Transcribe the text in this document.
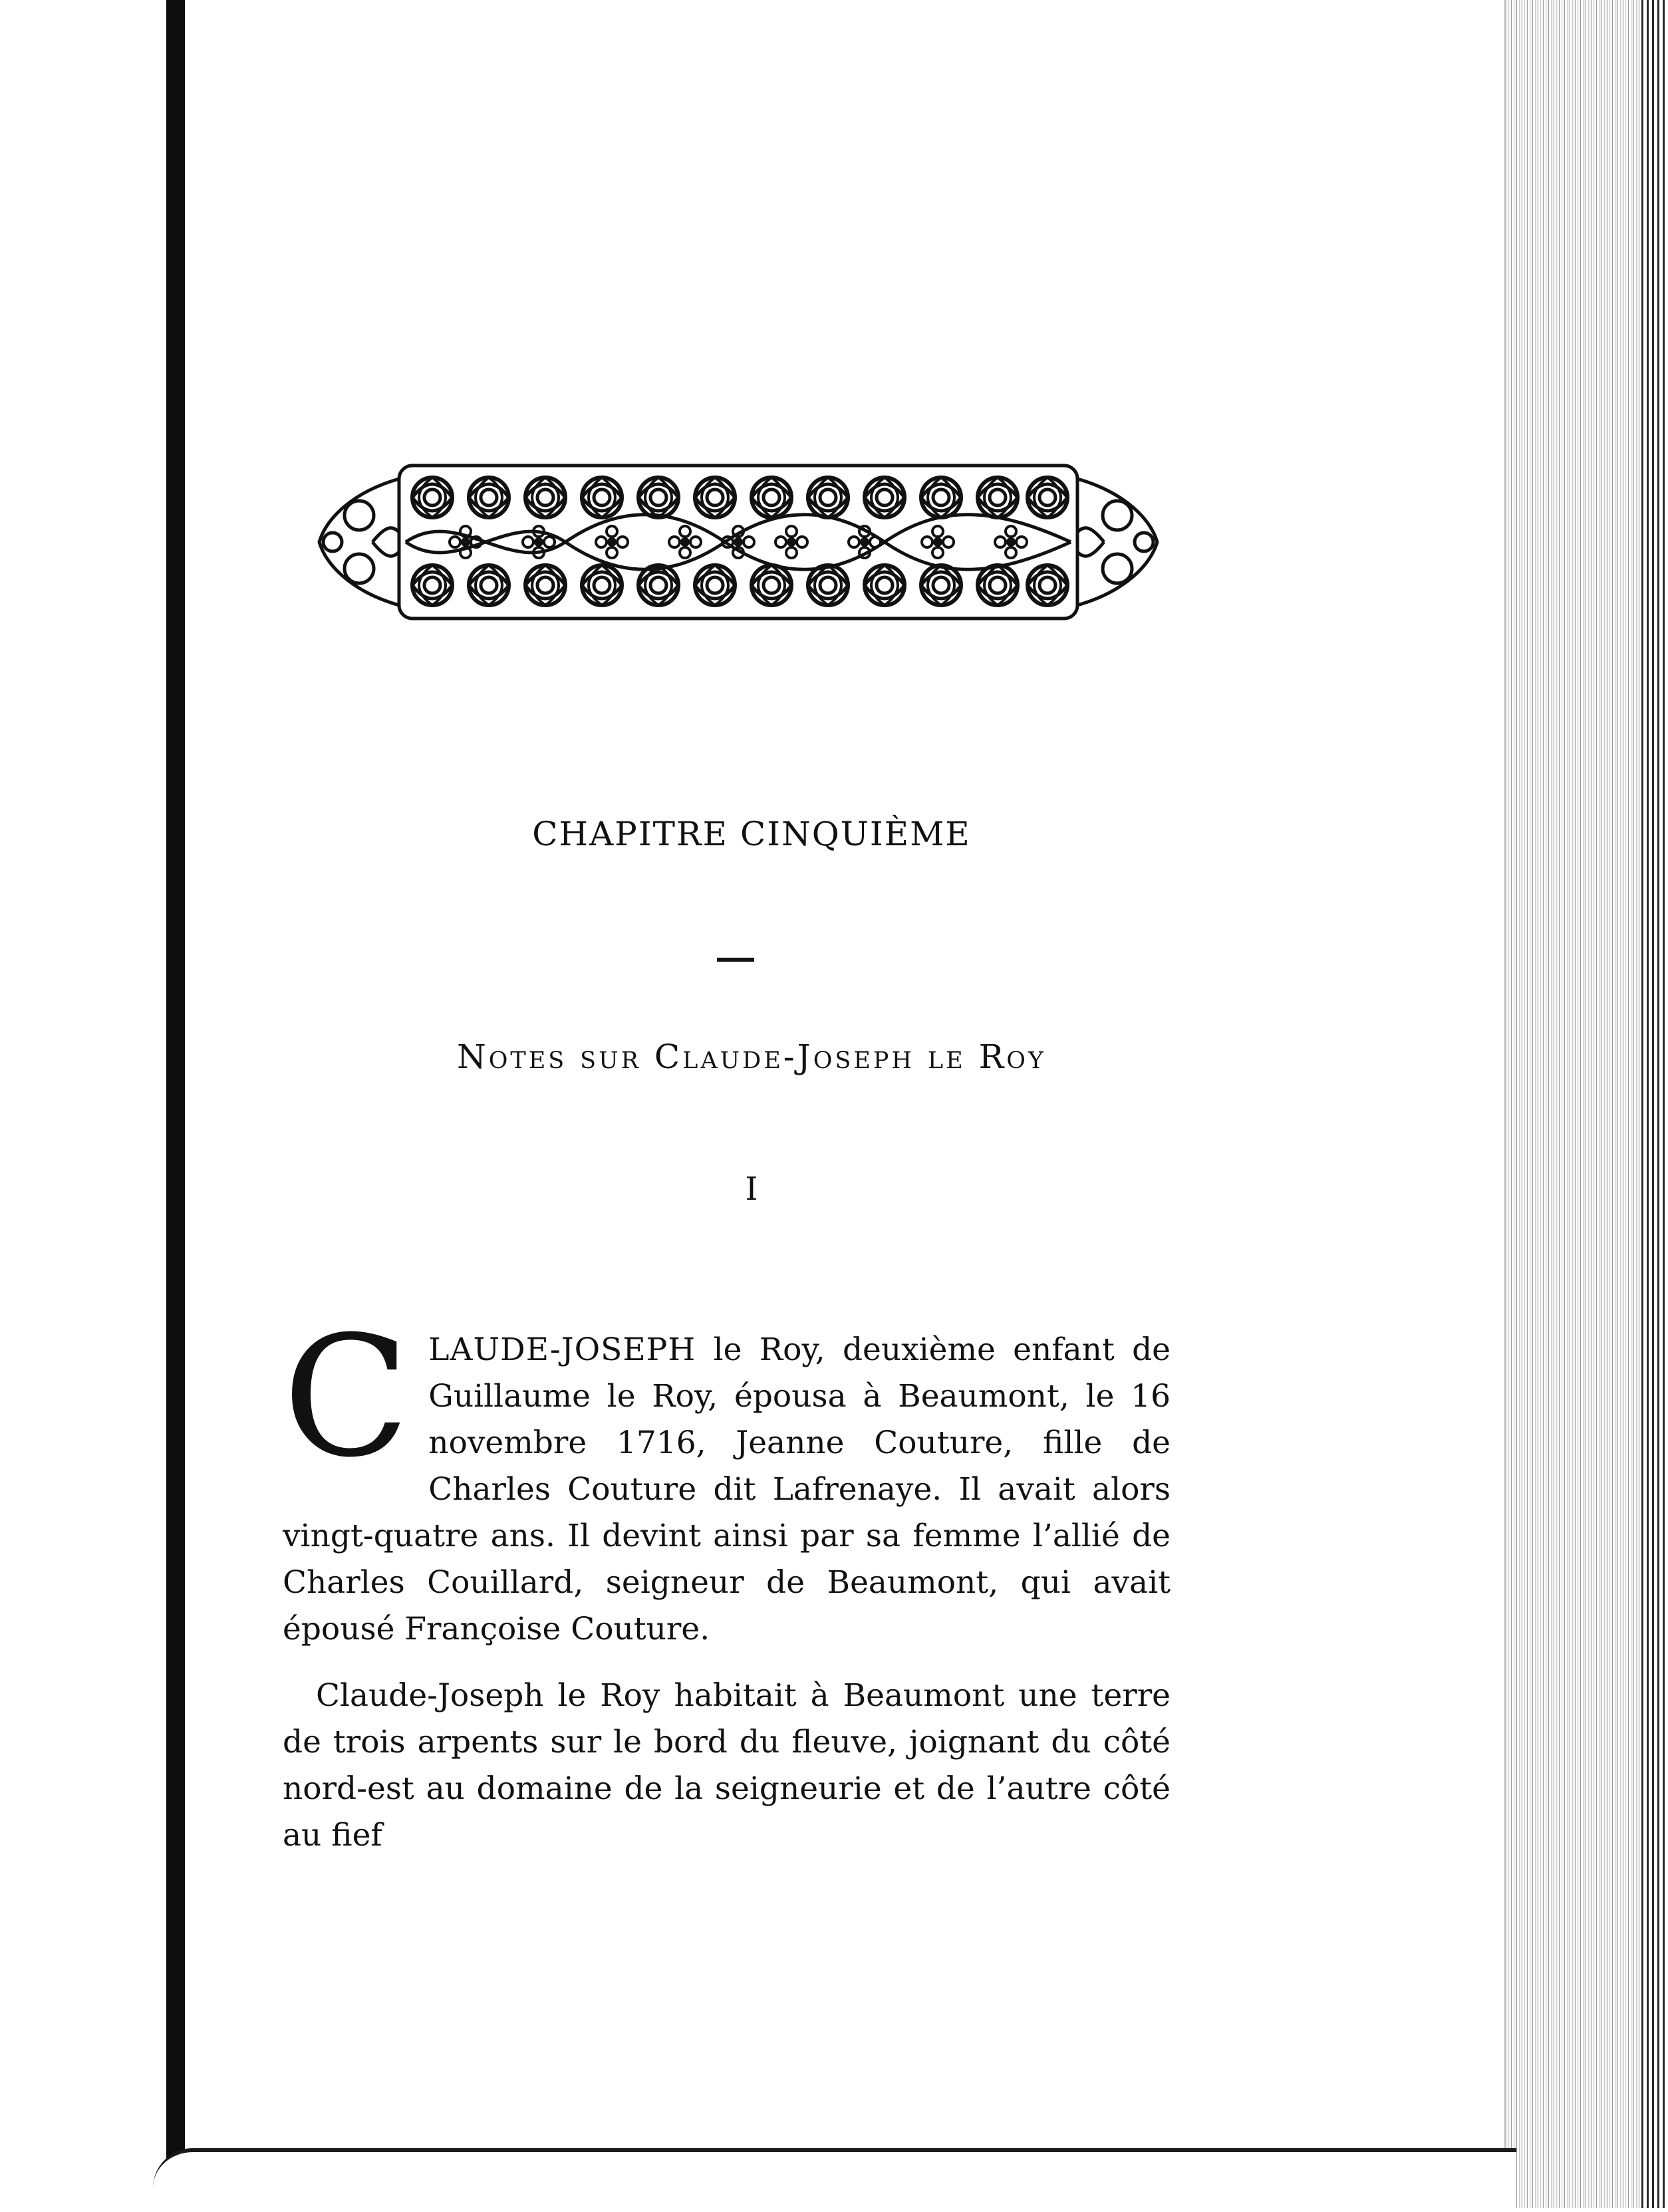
CHAPITRE CINQUIÈME
Notes sur Claude-Joseph le Roy
I
CLAUDE-JOSEPH le Roy, deuxième enfant de Guillaume le Roy, épousa à Beaumont, le 16 novembre 1716, Jeanne Couture, fille de Charles Couture dit Lafrenaye. Il avait alors vingt-quatre ans. Il devint ainsi par sa femme l’allié de Charles Couillard, seigneur de Beaumont, qui avait épousé Françoise Couture.
Claude-Joseph le Roy habitait à Beaumont une terre de trois arpents sur le bord du fleuve, joignant du côté nord-est au domaine de la seigneurie et de l’autre côté au fief
